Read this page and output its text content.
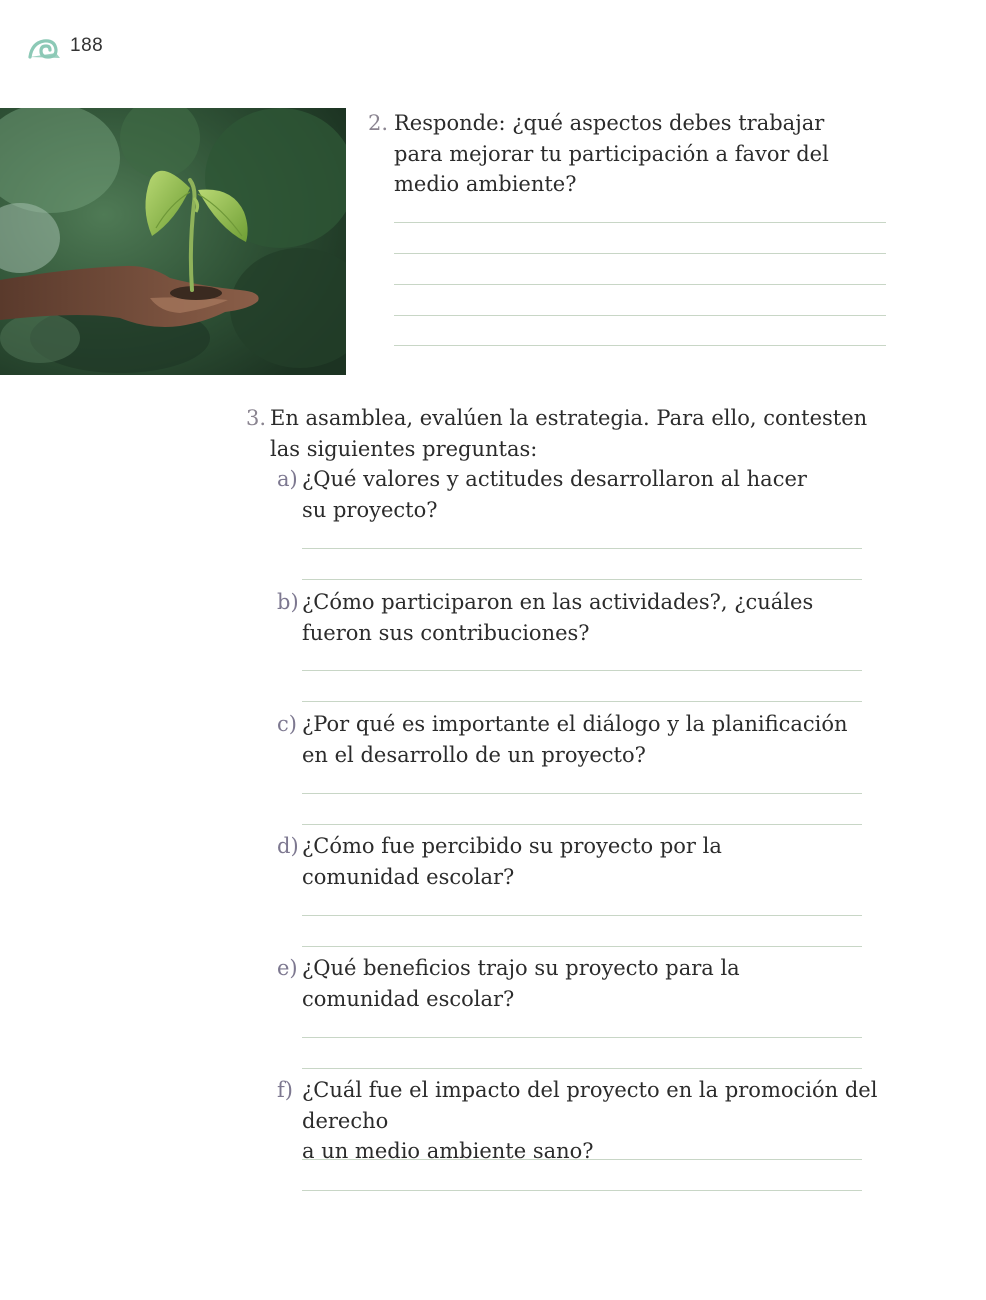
188
2. Responde: ¿qué aspectos debes trabajar
para mejorar tu participación a favor del
medio ambiente?
3. En asamblea, evalúen la estrategia. Para ello, contesten
las siguientes preguntas:
a) ¿Qué valores y actitudes desarrollaron al hacer
su proyecto?
b) ¿Cómo participaron en las actividades?, ¿cuáles
fueron sus contribuciones?
c) ¿Por qué es importante el diálogo y la planificación
en el desarrollo de un proyecto?
d) ¿Cómo fue percibido su proyecto por la
comunidad escolar?
e) ¿Qué beneficios trajo su proyecto para la
comunidad escolar?
f) ¿Cuál fue el impacto del proyecto en la promoción del derecho
a un medio ambiente sano?
